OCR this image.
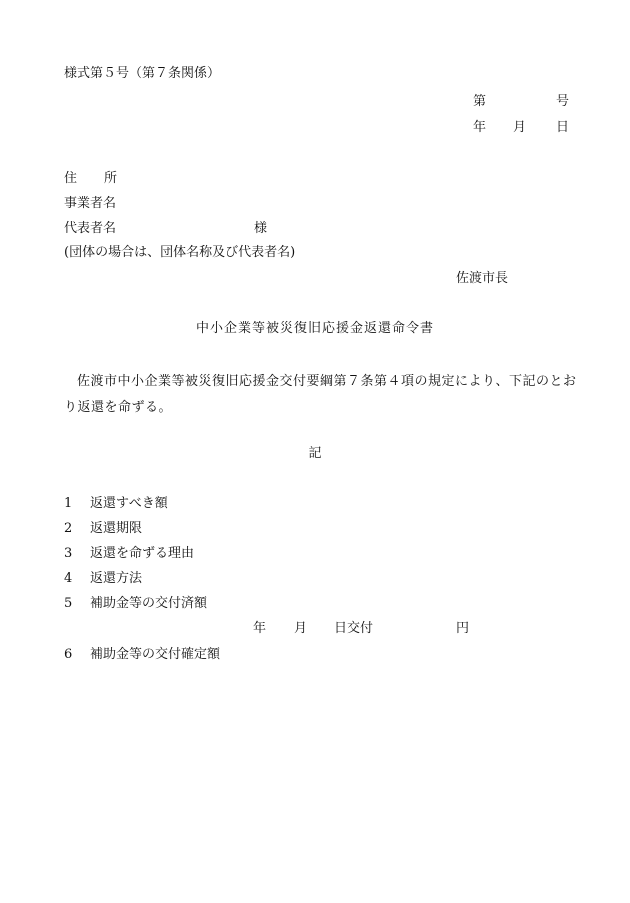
様式第５号（第７条関係）
第	号
年 月 日
住 所
事業者名
代表者名	様
(団体の場合は、団体名称及び代表者名)
佐渡市長
中小企業等被災復旧応援金返還命令書
佐渡市中小企業等被災復旧応援金交付要綱第７条第４項の規定により、下記のとおり返還を命ずる。
記
1 返還すべき額
2 返還期限
3 返還を命ずる理由
4 返還方法
5 補助金等の交付済額
年 月 日交付	円
6 補助金等の交付確定額
